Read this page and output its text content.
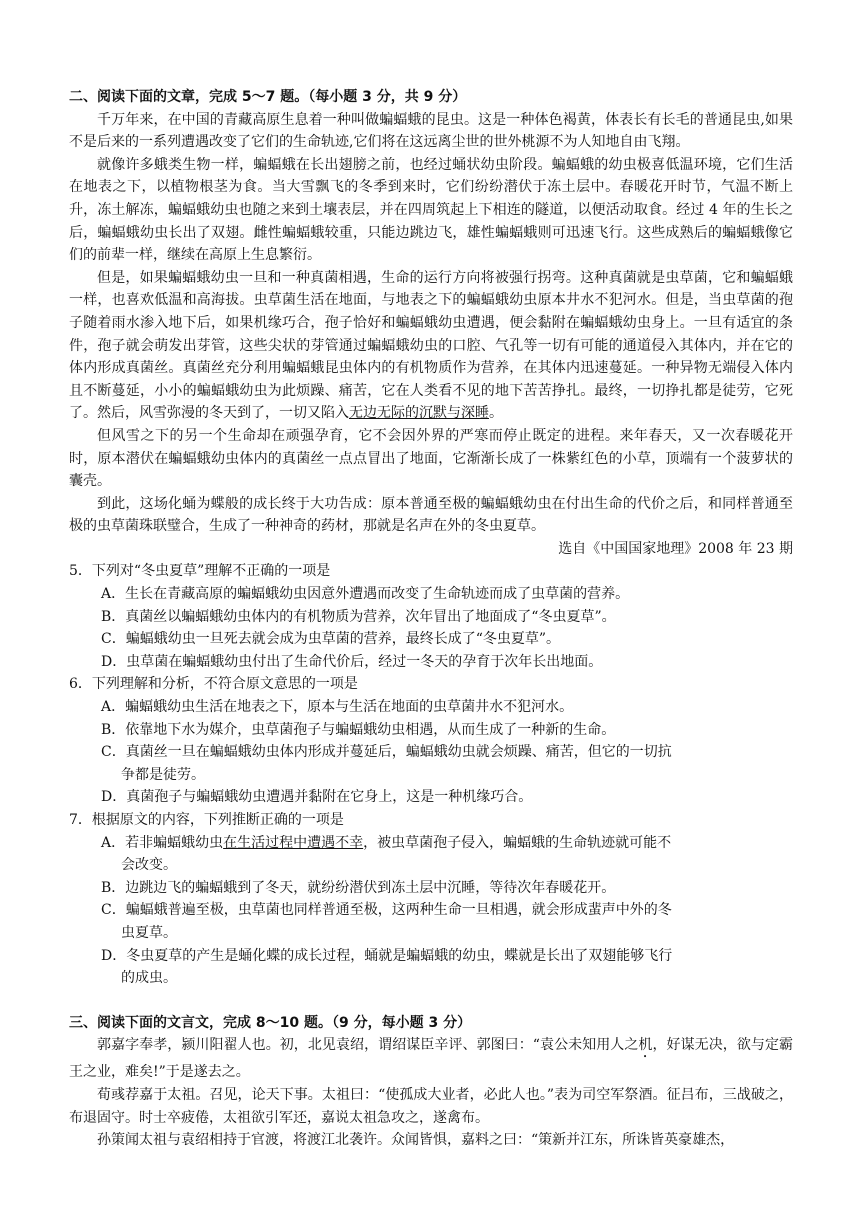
二、阅读下面的文章，完成 5～7 题。（每小题 3 分，共 9 分）

千万年来，在中国的青藏高原生息着一种叫做蝙蝠蛾的昆虫。这是一种体色褐黄，体表长有长毛的普通昆虫,如果不是后来的一系列遭遇改变了它们的生命轨迹,它们将在这远离尘世的世外桃源不为人知地自由飞翔。

就像许多蛾类生物一样，蝙蝠蛾在长出翅膀之前，也经过蛹状幼虫阶段。蝙蝠蛾的幼虫极喜低温环境，它们生活在地表之下，以植物根茎为食。当大雪飘飞的冬季到来时，它们纷纷潜伏于冻土层中。春暖花开时节，气温不断上升，冻土解冻，蝙蝠蛾幼虫也随之来到土壤表层，并在四周筑起上下相连的隧道，以便活动取食。经过 4 年的生长之后，蝙蝠蛾幼虫长出了双翅。雌性蝙蝠蛾较重，只能边跳边飞，雄性蝙蝠蛾则可迅速飞行。这些成熟后的蝙蝠蛾像它们的前辈一样，继续在高原上生息繁衍。

但是，如果蝙蝠蛾幼虫一旦和一种真菌相遇，生命的运行方向将被强行拐弯。这种真菌就是虫草菌，它和蝙蝠蛾一样，也喜欢低温和高海拔。虫草菌生活在地面，与地表之下的蝙蝠蛾幼虫原本井水不犯河水。但是，当虫草菌的孢子随着雨水渗入地下后，如果机缘巧合，孢子恰好和蝙蝠蛾幼虫遭遇，便会黏附在蝙蝠蛾幼虫身上。一旦有适宜的条件，孢子就会萌发出芽管，这些尖状的芽管通过蝙蝠蛾幼虫的口腔、气孔等一切有可能的通道侵入其体内，并在它的体内形成真菌丝。真菌丝充分利用蝙蝠蛾昆虫体内的有机物质作为营养，在其体内迅速蔓延。一种异物无端侵入体内且不断蔓延，小小的蝙蝠蛾幼虫为此烦躁、痛苦，它在人类看不见的地下苦苦挣扎。最终，一切挣扎都是徒劳，它死了。然后，风雪弥漫的冬天到了，一切又陷入无边无际的沉默与深睡。

但风雪之下的另一个生命却在顽强孕育，它不会因外界的严寒而停止既定的进程。来年春天，又一次春暖花开时，原本潜伏在蝙蝠蛾幼虫体内的真菌丝一点点冒出了地面，它渐渐长成了一株紫红色的小草，顶端有一个菠萝状的囊壳。

到此，这场化蛹为蝶般的成长终于大功告成：原本普通至极的蝙蝠蛾幼虫在付出生命的代价之后，和同样普通至极的虫草菌珠联璧合，生成了一种神奇的药材，那就是名声在外的冬虫夏草。

选自《中国国家地理》2008 年 23 期

5．下列对“冬虫夏草”理解不正确的一项是

A．生长在青藏高原的蝙蝠蛾幼虫因意外遭遇而改变了生命轨迹而成了虫草菌的营养。

B．真菌丝以蝙蝠蛾幼虫体内的有机物质为营养，次年冒出了地面成了“冬虫夏草”。

C．蝙蝠蛾幼虫一旦死去就会成为虫草菌的营养，最终长成了“冬虫夏草”。

D．虫草菌在蝙蝠蛾幼虫付出了生命代价后，经过一冬天的孕育于次年长出地面。

6．下列理解和分析，不符合原文意思的一项是

A．蝙蝠蛾幼虫生活在地表之下，原本与生活在地面的虫草菌井水不犯河水。

B．依靠地下水为媒介，虫草菌孢子与蝙蝠蛾幼虫相遇，从而生成了一种新的生命。

C．真菌丝一旦在蝙蝠蛾幼虫体内形成并蔓延后，蝙蝠蛾幼虫就会烦躁、痛苦，但它的一切抗争都是徒劳。

D．真菌孢子与蝙蝠蛾幼虫遭遇并黏附在它身上，这是一种机缘巧合。

7．根据原文的内容，下列推断正确的一项是

A．若非蝙蝠蛾幼虫在生活过程中遭遇不幸，被虫草菌孢子侵入，蝙蝠蛾的生命轨迹就可能不会改变。

B．边跳边飞的蝙蝠蛾到了冬天，就纷纷潜伏到冻土层中沉睡，等待次年春暖花开。

C．蝙蝠蛾普遍至极，虫草菌也同样普通至极，这两种生命一旦相遇，就会形成蜚声中外的冬虫夏草。

D．冬虫夏草的产生是蛹化蝶的成长过程，蛹就是蝙蝠蛾的幼虫，蝶就是长出了双翅能够飞行的成虫。

三、阅读下面的文言文，完成 8～10 题。（9 分，每小题 3 分）

郭嘉字奉孝，颍川阳翟人也。初，北见袁绍，谓绍谋臣辛评、郭图曰：“袁公未知用人之机，好谋无决，欲与定霸王之业，难矣!”于是遂去之。

荀彧荐嘉于太祖。召见，论天下事。太祖曰：“使孤成大业者，必此人也。”表为司空军祭酒。征吕布，三战破之，布退固守。时士卒疲倦，太祖欲引军还，嘉说太祖急攻之，遂禽布。

孙策闻太祖与袁绍相持于官渡，将渡江北袭许。众闻皆惧，嘉料之曰：“策新并江东，所诛皆英豪雄杰，
